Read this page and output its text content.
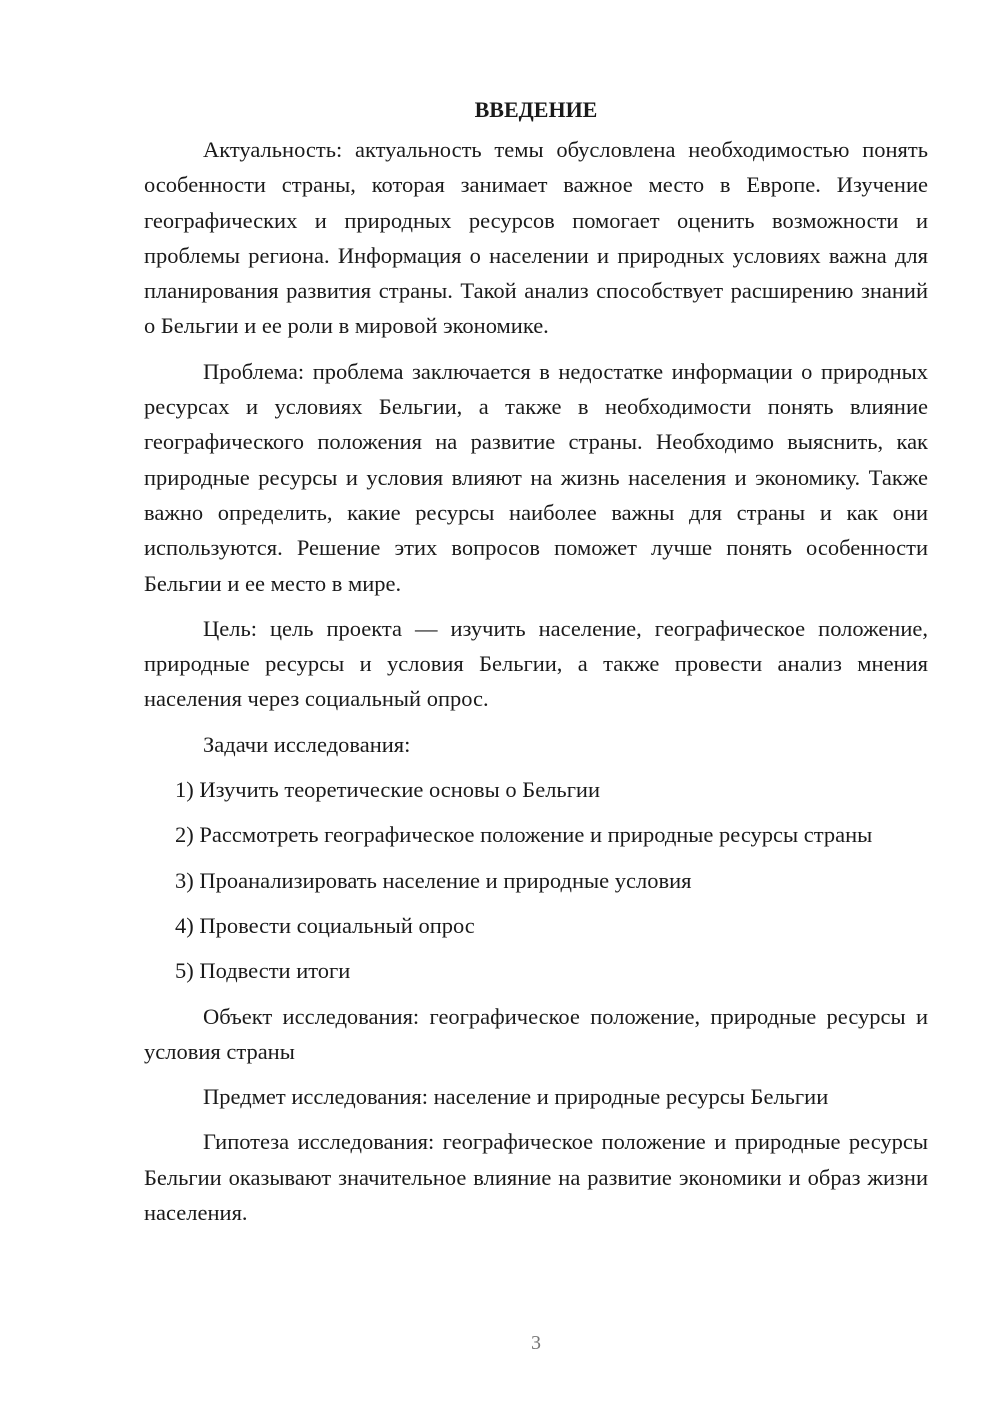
ВВЕДЕНИЕ

Актуальность: актуальность темы обусловлена необходимостью понять особенности страны, которая занимает важное место в Европе. Изучение географических и природных ресурсов помогает оценить возможности и проблемы региона. Информация о населении и природных условиях важна для планирования развития страны. Такой анализ способствует расширению знаний о Бельгии и ее роли в мировой экономике.

Проблема: проблема заключается в недостатке информации о природных ресурсах и условиях Бельгии, а также в необходимости понять влияние географического положения на развитие страны. Необходимо выяснить, как природные ресурсы и условия влияют на жизнь населения и экономику. Также важно определить, какие ресурсы наиболее важны для страны и как они используются. Решение этих вопросов поможет лучше понять особенности Бельгии и ее место в мире.

Цель: цель проекта — изучить население, географическое положение, природные ресурсы и условия Бельгии, а также провести анализ мнения населения через социальный опрос.

Задачи исследования:

1) Изучить теоретические основы о Бельгии

2) Рассмотреть географическое положение и природные ресурсы страны

3) Проанализировать население и природные условия

4) Провести социальный опрос

5) Подвести итоги

Объект исследования: географическое положение, природные ресурсы и условия страны

Предмет исследования: население и природные ресурсы Бельгии

Гипотеза исследования: географическое положение и природные ресурсы Бельгии оказывают значительное влияние на развитие экономики и образ жизни населения.

3
